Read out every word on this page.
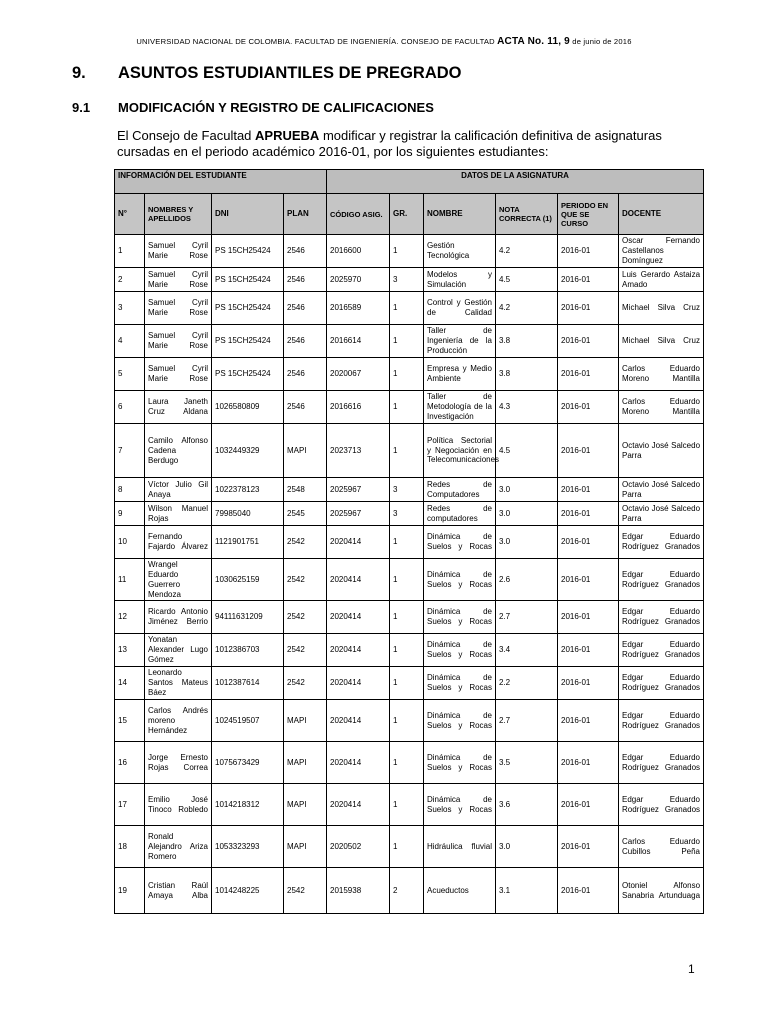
UNIVERSIDAD NACIONAL DE COLOMBIA. FACULTAD DE INGENIERÍA. CONSEJO DE FACULTAD ACTA No. 11, 9 de junio de 2016
9. ASUNTOS ESTUDIANTILES DE PREGRADO
9.1 MODIFICACIÓN Y REGISTRO DE CALIFICACIONES
El Consejo de Facultad APRUEBA modificar y registrar la calificación definitiva de asignaturas cursadas en el periodo académico 2016-01, por los siguientes estudiantes:
INFORMACIÓN DEL ESTUDIANTE				DATOS DE LA ASIGNATURA					
N°	NOMBRES Y APELLIDOS	DNI	PLAN	CÓDIGO ASIG.	GR.	NOMBRE	NOTA CORRECTA (1)	PERIODO EN QUE SE CURSO	DOCENTE
1	Samuel Cyril Marie Rose	PS 15CH25424	2546	2016600	1	Gestión Tecnológica	4.2	2016-01	Oscar Fernando Castellanos Domínguez
2	Samuel Cyril Marie Rose	PS 15CH25424	2546	2025970	3	Modelos y Simulación	4.5	2016-01	Luis Gerardo Astaiza Amado
3	Samuel Cyril Marie Rose	PS 15CH25424	2546	2016589	1	Control y Gestión de Calidad	4.2	2016-01	Michael Silva Cruz
4	Samuel Cyril Marie Rose	PS 15CH25424	2546	2016614	1	Taller de Ingeniería de la Producción	3.8	2016-01	Michael Silva Cruz
5	Samuel Cyril Marie Rose	PS 15CH25424	2546	2020067	1	Empresa y Medio Ambiente	3.8	2016-01	Carlos Eduardo Moreno Mantilla
6	Laura Janeth Cruz Aldana	1026580809	2546	2016616	1	Taller de Metodología de la Investigación	4.3	2016-01	Carlos Eduardo Moreno Mantilla
7	Camilo Alfonso Cadena Berdugo	1032449329	MAPI	2023713	1	Política Sectorial y Negociación en Telecomunicaciones	4.5	2016-01	Octavio José Salcedo Parra
8	Víctor Julio Gil Anaya	1022378123	2548	2025967	3	Redes de Computadores	3.0	2016-01	Octavio José Salcedo Parra
9	Wilson Manuel Rojas	79985040	2545	2025967	3	Redes de computadores	3.0	2016-01	Octavio José Salcedo Parra
10	Fernando Fajardo Álvarez	1121901751	2542	2020414	1	Dinámica de Suelos y Rocas	3.0	2016-01	Edgar Eduardo Rodríguez Granados
11	Wrangel Eduardo Guerrero Mendoza	1030625159	2542	2020414	1	Dinámica de Suelos y Rocas	2.6	2016-01	Edgar Eduardo Rodríguez Granados
12	Ricardo Antonio Jiménez Berrio	94111631209	2542	2020414	1	Dinámica de Suelos y Rocas	2.7	2016-01	Edgar Eduardo Rodríguez Granados
13	Yonatan Alexander Lugo Gómez	1012386703	2542	2020414	1	Dinámica de Suelos y Rocas	3.4	2016-01	Edgar Eduardo Rodríguez Granados
14	Leonardo Santos Mateus Báez	1012387614	2542	2020414	1	Dinámica de Suelos y Rocas	2.2	2016-01	Edgar Eduardo Rodríguez Granados
15	Carlos Andrés moreno Hernández	1024519507	MAPI	2020414	1	Dinámica de Suelos y Rocas	2.7	2016-01	Edgar Eduardo Rodríguez Granados
16	Jorge Ernesto Rojas Correa	1075673429	MAPI	2020414	1	Dinámica de Suelos y Rocas	3.5	2016-01	Edgar Eduardo Rodríguez Granados
17	Emilio José Tinoco Robledo	1014218312	MAPI	2020414	1	Dinámica de Suelos y Rocas	3.6	2016-01	Edgar Eduardo Rodríguez Granados
18	Ronald Alejandro Ariza Romero	1053323293	MAPI	2020502	1	Hidráulica fluvial	3.0	2016-01	Carlos Eduardo Cubillos Peña
19	Cristian Raúl Amaya Alba	1014248225	2542	2015938	2	Acueductos	3.1	2016-01	Otoniel Alfonso Sanabria Artunduaga
1
